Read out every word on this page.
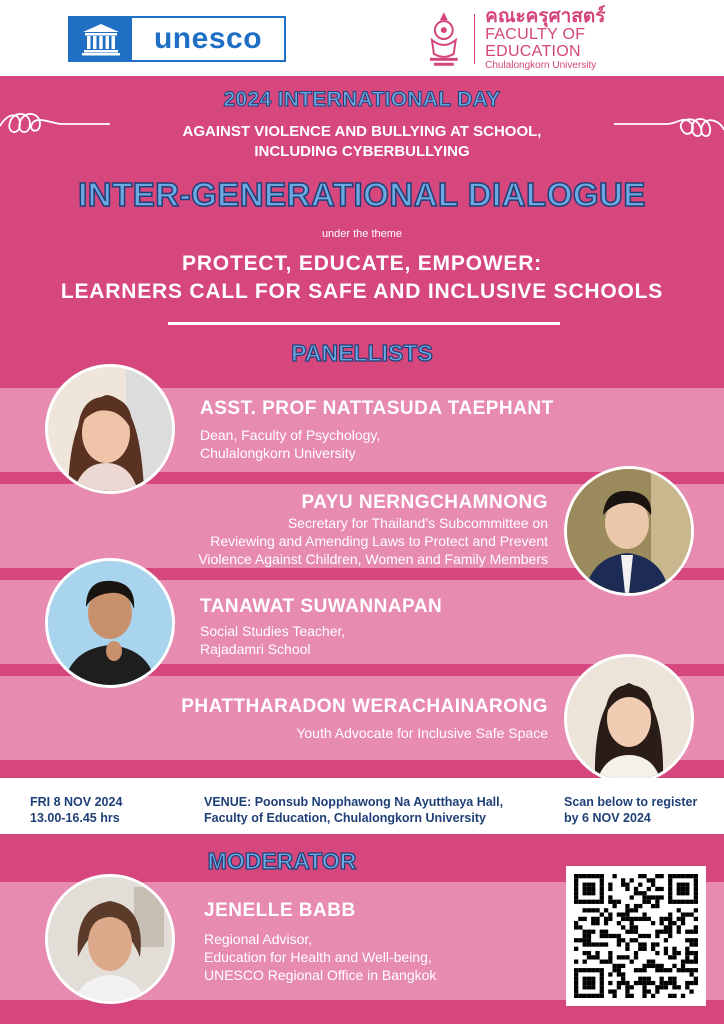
unesco
คณะครุศาสตร์
FACULTY OF EDUCATION
Chulalongkorn University
2024 INTERNATIONAL DAY
AGAINST VIOLENCE AND BULLYING AT SCHOOL,
INCLUDING CYBERBULLYING
INTER-GENERATIONAL DIALOGUE
under the theme
PROTECT, EDUCATE, EMPOWER:
LEARNERS CALL FOR SAFE AND INCLUSIVE SCHOOLS
PANELLISTS
ASST. PROF NATTASUDA TAEPHANT
Dean, Faculty of Psychology,
Chulalongkorn University
PAYU NERNGCHAMNONG
Secretary for Thailand’s Subcommittee on
Reviewing and Amending Laws to Protect and Prevent
Violence Against Children, Women and Family Members
TANAWAT SUWANNAPAN
Social Studies Teacher,
Rajadamri School
PHATTHARADON WERACHAINARONG
Youth Advocate for Inclusive Safe Space
FRI 8 NOV 2024
13.00-16.45 hrs
VENUE: Poonsub Nopphawong Na Ayutthaya Hall,
Faculty of Education, Chulalongkorn University
Scan below to register
by 6 NOV 2024
MODERATOR
JENELLE BABB
Regional Advisor,
Education for Health and Well-being,
UNESCO Regional Office in Bangkok
